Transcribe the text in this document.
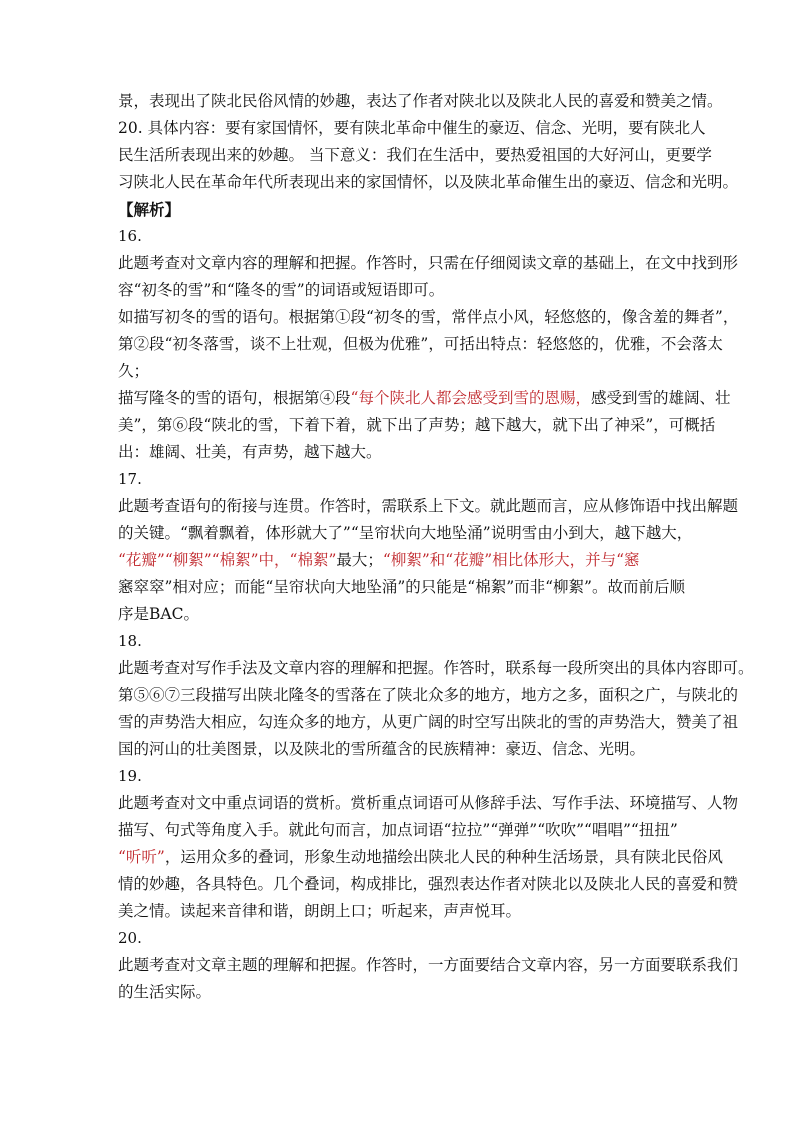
景，表现出了陕北民俗风情的妙趣，表达了作者对陕北以及陕北人民的喜爱和赞美之情。
20. 具体内容：要有家国情怀，要有陕北革命中催生的豪迈、信念、光明，要有陕北人
民生活所表现出来的妙趣。 当下意义：我们在生活中，要热爱祖国的大好河山，更要学
习陕北人民在革命年代所表现出来的家国情怀，以及陕北革命催生出的豪迈、信念和光明。
【解析】
16.
此题考查对文章内容的理解和把握。作答时，只需在仔细阅读文章的基础上，在文中找到形
容“初冬的雪”和“隆冬的雪”的词语或短语即可。
如描写初冬的雪的语句。根据第①段“初冬的雪，常伴点小风，轻悠悠的，像含羞的舞者”，
第②段“初冬落雪，谈不上壮观，但极为优雅”，可括出特点：轻悠悠的，优雅，不会落太
久；
描写隆冬的雪的语句，根据第④段“每个陕北人都会感受到雪的恩赐，感受到雪的雄阔、壮
美”，第⑥段“陕北的雪，下着下着，就下出了声势；越下越大，就下出了神采”，可概括
出：雄阔、壮美，有声势，越下越大。
17.
此题考查语句的衔接与连贯。作答时，需联系上下文。就此题而言，应从修饰语中找出解题
的关键。“飘着飘着，体形就大了”“呈帘状向大地坠涌”说明雪由小到大，越下越大，
“花瓣”“柳絮”“棉絮”中，“棉絮”最大；“柳絮”和“花瓣”相比体形大，并与“窸
窸窣窣”相对应；而能“呈帘状向大地坠涌”的只能是“棉絮”而非“柳絮”。故而前后顺
序是BAC。
18.
此题考查对写作手法及文章内容的理解和把握。作答时，联系每一段所突出的具体内容即可。
第⑤⑥⑦三段描写出陕北隆冬的雪落在了陕北众多的地方，地方之多，面积之广，与陕北的
雪的声势浩大相应，勾连众多的地方，从更广阔的时空写出陕北的雪的声势浩大，赞美了祖
国的河山的壮美图景，以及陕北的雪所蕴含的民族精神：豪迈、信念、光明。
19.
此题考查对文中重点词语的赏析。赏析重点词语可从修辞手法、写作手法、环境描写、人物
描写、句式等角度入手。就此句而言，加点词语“拉拉”“弹弹”“吹吹”“唱唱”“扭扭”
“听听”，运用众多的叠词，形象生动地描绘出陕北人民的种种生活场景，具有陕北民俗风
情的妙趣，各具特色。几个叠词，构成排比，强烈表达作者对陕北以及陕北人民的喜爱和赞
美之情。读起来音律和谐，朗朗上口；听起来，声声悦耳。
20.
此题考查对文章主题的理解和把握。作答时，一方面要结合文章内容，另一方面要联系我们
的生活实际。
